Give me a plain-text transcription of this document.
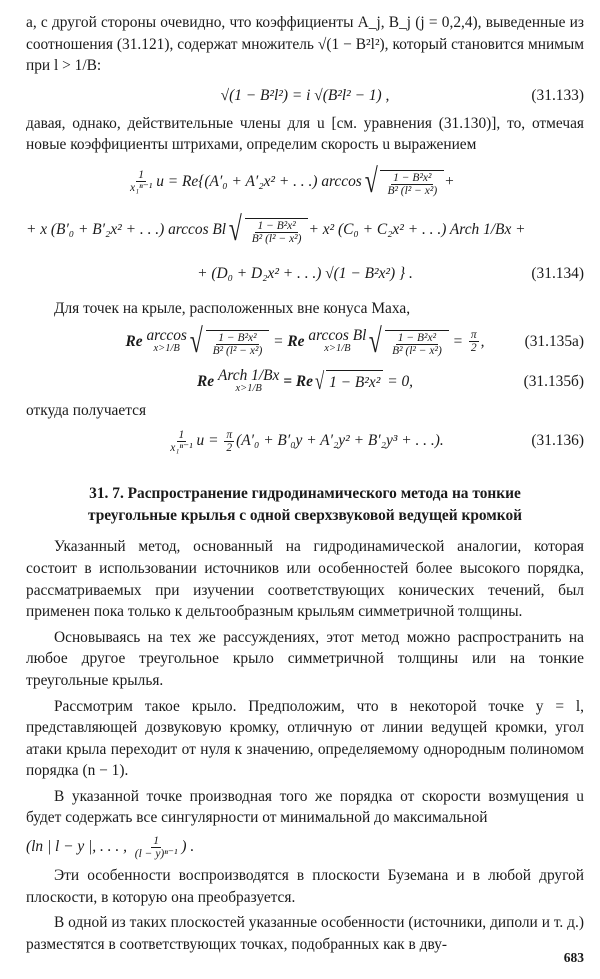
а, с другой стороны очевидно, что коэффициенты A_j, B_j (j = 0,2,4), выведенные из соотношения (31.121), содержат множитель √(1 − B²l²), который становится мнимым при l > 1/B:

√(1 − B²l²)
= i √(B²l² − 1) ,	(31.133)

давая, однако, действительные члены для u [см. уравнения (31.130)], то, отмечая новые коэффициенты штрихами, определим скорость u выражением

$\frac{1}{\text{x₁ⁿ⁻¹}}$ u = Re{(A′₀ + A′₂x² + . . .) arccos √ $\frac{\text{1 − B²x²}}{\text{B² (l² − x²)}}$ +
+ x (B′₀ + B′₂x² + . . .) arccos Bl √ $\frac{\text{1 − B²x²}}{\text{B² (l² − x²)}} + x^2$ (C₀ + C₂x² + . . .) Arch 1/Bx +
+ (D₀ + D₂x² + . . .) √(1 − B²x²) } .	(31.134)

Для точек на крыле, расположенных вне конуса Маха,

Re
arccos
x>1/B √ $\frac{\text{1 − B²x²}}{\text{B² (l² − x²)}}$
=
Re
arccos Bl
x>1/B √ $\frac{\text{1 − B²x²}}{\text{B² (l² − x²)}} = \frac{\pi}{2}$ ,	(31.135а)
Re
Arch 1/Bx
x>1/B
= Re √ 1 − B²x²
= 0,	(31.135б)

откуда получается

$\frac{1}{\text{x₁ⁿ⁻¹}}$ u =
$\frac{\pi}{2} (A'_0 + B'_0y + A'_2y^2 + B'_2y^3$ + . . .).	(31.136)
31. 7. Распространение гидродинамического метода на тонкие треугольные крылья с одной сверхзвуковой ведущей кромкой

Указанный метод, основанный на гидродинамической аналогии, которая состоит в использовании источников или особенностей более высокого порядка, рассматриваемых при изучении соответствующих конических течений, был применен пока только к дельтообразным крыльям симметричной толщины.

Основываясь на тех же рассуждениях, этот метод можно распространить на любое другое треугольное крыло симметричной толщины или на тонкие треугольные крылья.

Рассмотрим такое крыло. Предположим, что в некоторой точке y = l, представляющей дозвуковую кромку, отличную от линии ведущей кромки, угол атаки крыла переходит от нуля к значению, определяемому однородным полиномом порядка (n − 1).

В указанной точке производная того же порядка от скорости возмущения u будет содержать все сингулярности от минимальной до максимальной

(ln | l − y |, . . . ,
$\frac{1}{\text{(l − y)ⁿ⁻¹}}$ ) .

Эти особенности воспроизводятся в плоскости Буземана и в любой другой плоскости, в которую она преобразуется.

В одной из таких плоскостей указанные особенности (источники, диполи и т. д.) разместятся в соответствующих точках, подобранных как в дву-

683
